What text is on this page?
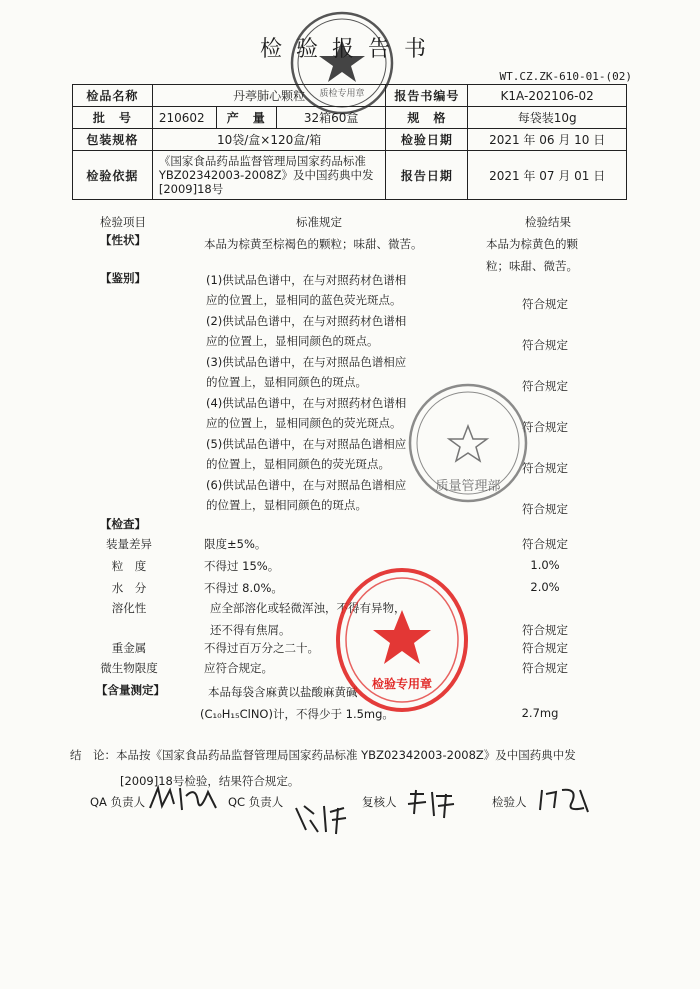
质检专用章
检验报告书
WT.CZ.ZK-610-01-(02)
检品名称	丹葶肺心颗粒			报告书编号	K1A-202106-02
批　号	210602	产　量	32箱60盒	规　格	每袋装10g
包装规格	10袋/盒×120盒/箱			检验日期	2021 年 06 月 10 日
检验依据	《国家食品药品监督管理局国家药品标准 YBZ02342003-2008Z》及中国药典中发[2009]18号			报告日期	2021 年 07 月 01 日
检验项目	标准规定	检验结果
【性状】	本品为棕黄至棕褐色的颗粒；味甜、微苦。	本品为棕黄色的颗
粒；味甜、微苦。
【鉴别】	(1)供试品色谱中，在与对照药材色谱相
应的位置上，显相同的蓝色荧光斑点。	符合规定
(2)供试品色谱中，在与对照药材色谱相
应的位置上，显相同颜色的斑点。	符合规定
(3)供试品色谱中，在与对照品色谱相应
的位置上，显相同颜色的斑点。	符合规定
(4)供试品色谱中，在与对照药材色谱相
应的位置上，显相同颜色的荧光斑点。	符合规定
(5)供试品色谱中，在与对照品色谱相应
的位置上，显相同颜色的荧光斑点。	符合规定
(6)供试品色谱中，在与对照品色谱相应
的位置上，显相同颜色的斑点。	符合规定
【检查】
装量差异	限度±5%。	符合规定
粒　度	不得过 15%。	1.0%
水　分	不得过 8.0%。	2.0%
溶化性	应全部溶化或轻微浑浊，不得有异物，
还不得有焦屑。	符合规定
重金属	不得过百万分之二十。	符合规定
微生物限度	应符合规定。	符合规定
【含量测定】	本品每袋含麻黄以盐酸麻黄碱
(C₁₀H₁₅ClNO)计，不得少于 1.5mg。	2.7mg
结　论：本品按《国家食品药品监督管理局国家药品标准 YBZ02342003-2008Z》及中国药典中发
[2009]18号检验，结果符合规定。
QA 负责人	QC 负责人	复核人	检验人
质量管理部
检验专用章
